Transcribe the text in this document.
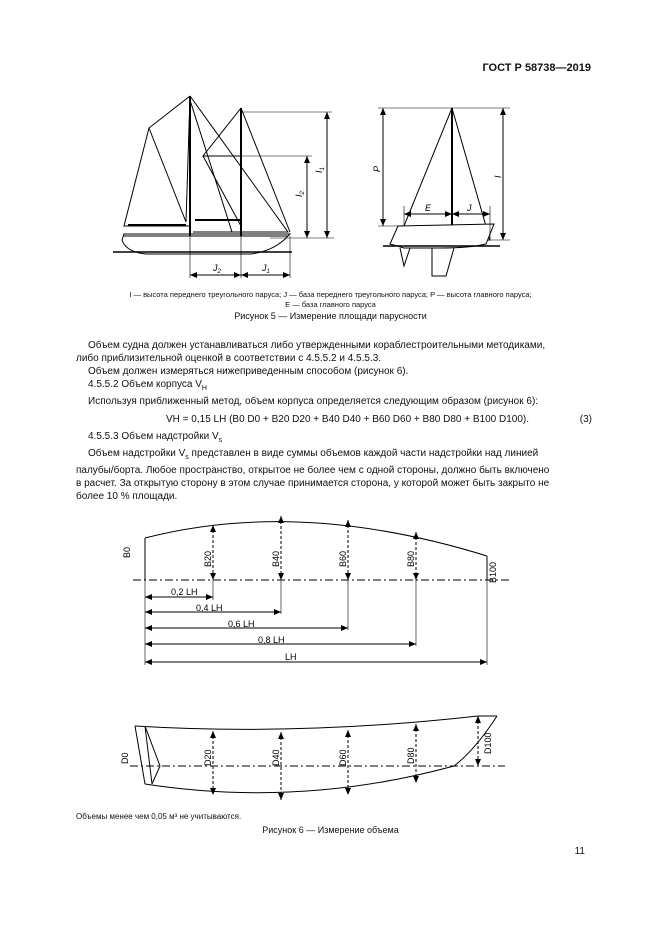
ГОСТ Р 58738—2019
$I_1$
$I_2$
$J_2$	$J_1$
P
I
E	J
I — высота переднего треугольного паруса; J — база переднего треугольного паруса; P — высота главного паруса;
E — база главного паруса
Рисунок 5 — Измерение площади парусности
Объем судна должен устанавливаться либо утвержденными кораблестроительными методиками,
либо приблизительной оценкой в соответствии с 4.5.5.2 и 4.5.5.3.
Объем должен измеряться нижеприведенным способом (рисунок 6).
4.5.5.2 Объем корпуса $V_Н$
Используя приближенный метод, объем корпуса определяется следующим образом (рисунок 6):
VН = 0,15 LН (B0 D0 + B20 D20 + B40 D40 + B60 D60 + B80 D80 + B100 D100).	(3)
4.5.5.3 Объем надстройки $V_s$
Объем надстройки $V_s$ представлен в виде суммы объемов каждой части надстройки над линией
палубы/борта. Любое пространство, открытое не более чем с одной стороны, должно быть включено
в расчет. За открытую сторону в этом случае принимается сторона, у которой может быть закрыто не
более 10 % площади.
B0	B20	B40	B60	B80
B100
0,2 LН
0,4 LН
0,6 LН
0,8 LН
LН
D0	D20	D40	D60	D80
D100
Объемы менее чем 0,05 м³ не учитываются.
Рисунок 6 — Измерение объема
11
